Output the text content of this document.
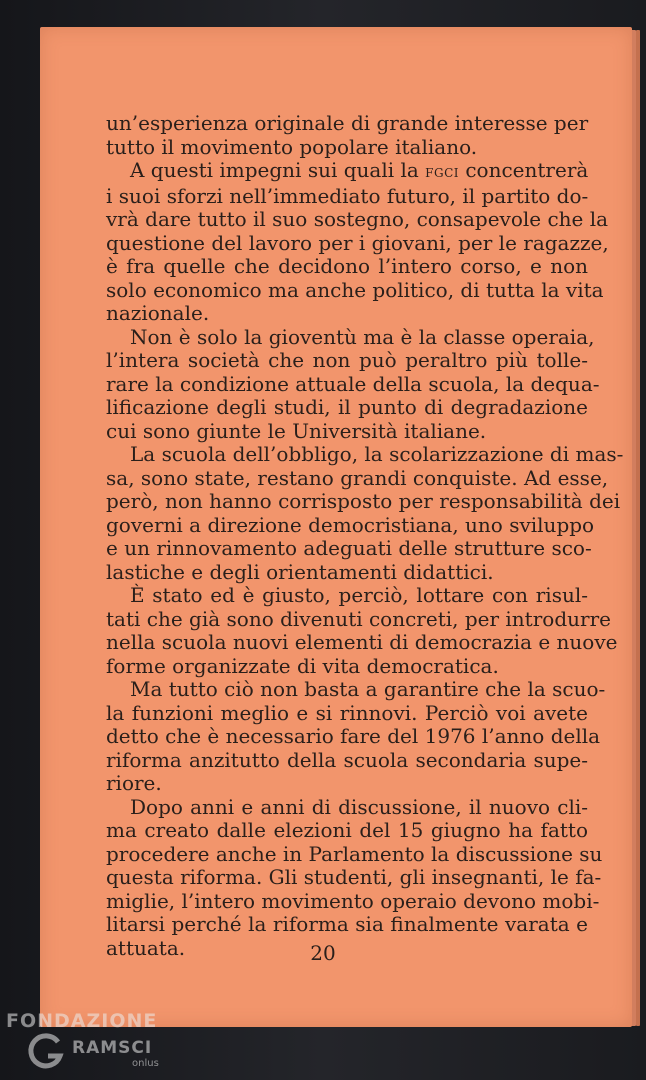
un’esperienza originale di grande interesse per
tutto il movimento popolare italiano.
A questi impegni sui quali la fgci concentrerà
i suoi sforzi nell’immediato futuro, il partito do-
vrà dare tutto il suo sostegno, consapevole che la
questione del lavoro per i giovani, per le ragazze,
è fra quelle che decidono l’intero corso, e non
solo economico ma anche politico, di tutta la vita
nazionale.
Non è solo la gioventù ma è la classe operaia,
l’intera società che non può peraltro più tolle-
rare la condizione attuale della scuola, la dequa-
lificazione degli studi, il punto di degradazione
cui sono giunte le Università italiane.
La scuola dell’obbligo, la scolarizzazione di mas-
sa, sono state, restano grandi conquiste. Ad esse,
però, non hanno corrisposto per responsabilità dei
governi a direzione democristiana, uno sviluppo
e un rinnovamento adeguati delle strutture sco-
lastiche e degli orientamenti didattici.
È stato ed è giusto, perciò, lottare con risul-
tati che già sono divenuti concreti, per introdurre
nella scuola nuovi elementi di democrazia e nuove
forme organizzate di vita democratica.
Ma tutto ciò non basta a garantire che la scuo-
la funzioni meglio e si rinnovi. Perciò voi avete
detto che è necessario fare del 1976 l’anno della
riforma anzitutto della scuola secondaria supe-
riore.
Dopo anni e anni di discussione, il nuovo cli-
ma creato dalle elezioni del 15 giugno ha fatto
procedere anche in Parlamento la discussione su
questa riforma. Gli studenti, gli insegnanti, le fa-
miglie, l’intero movimento operaio devono mobi-
litarsi perché la riforma sia finalmente varata e
attuata.	20
FONDAZIONE
RAMSCI
onlus
